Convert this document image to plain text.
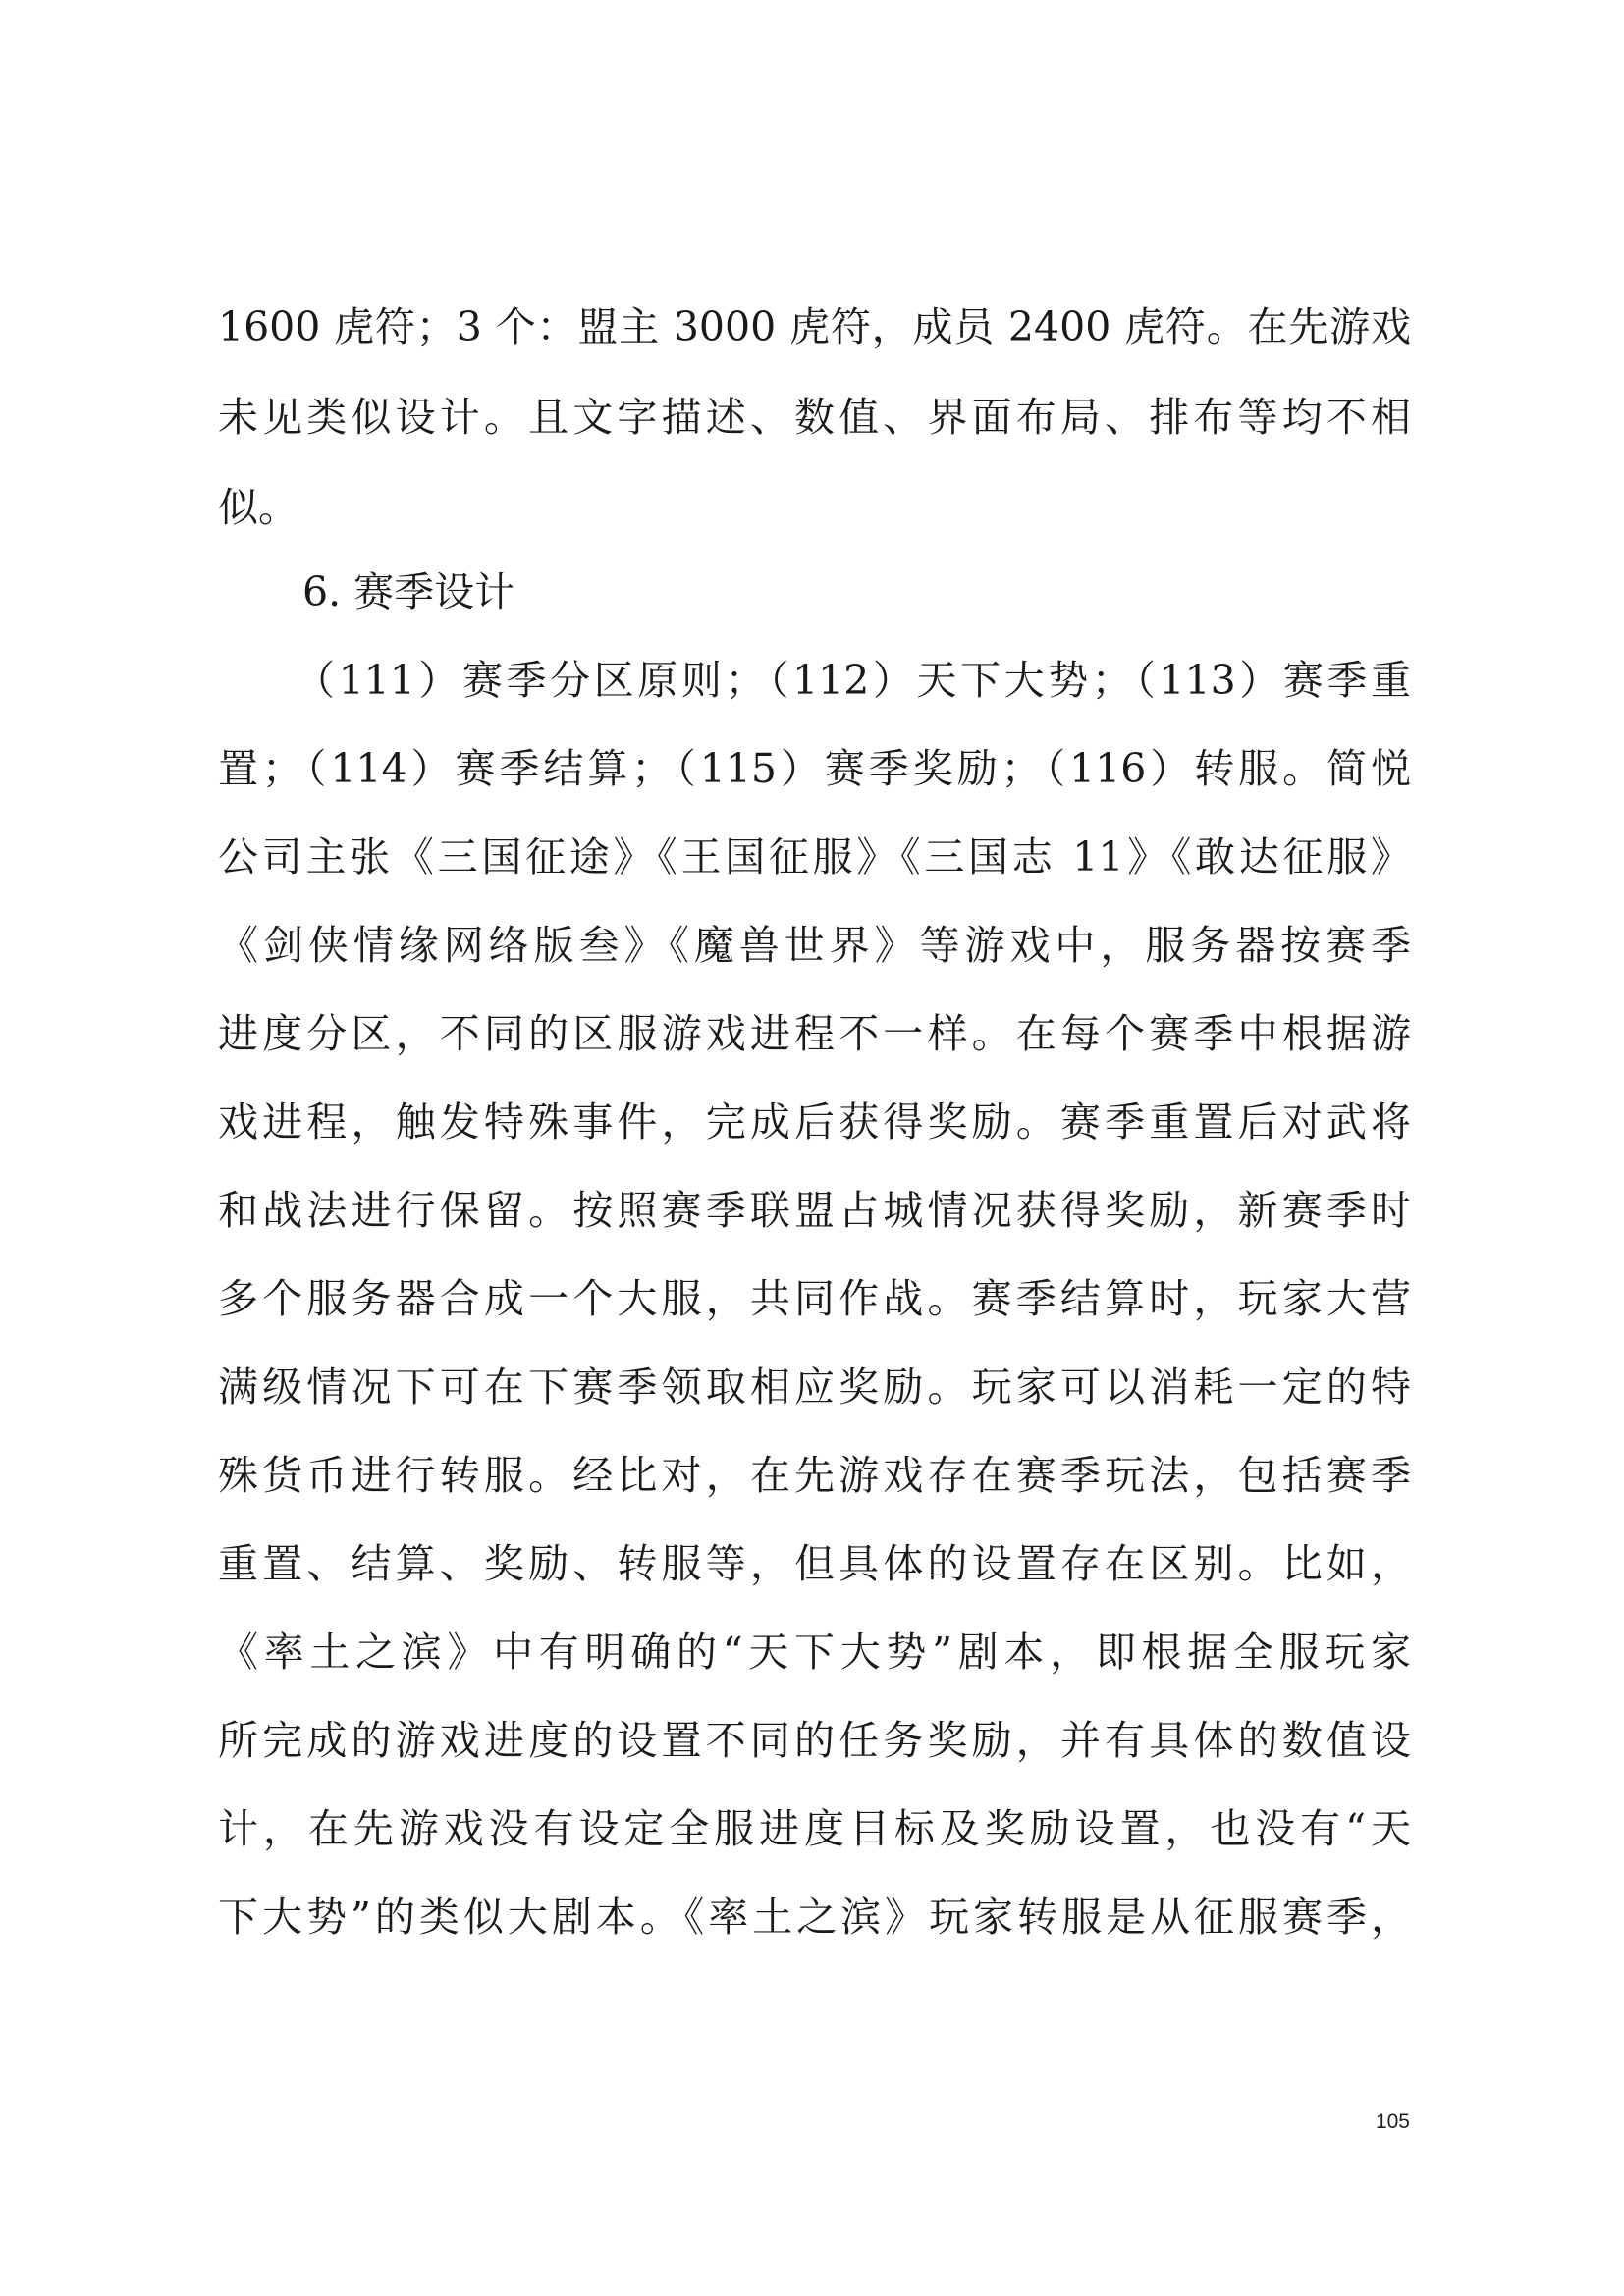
1600 虎符；3 个：盟主 3000 虎符，成员 2400 虎符。在先游戏
未见类似设计。且文字描述、数值、界面布局、排布等均不相
似。
6. 赛季设计
（111）赛季分区原则；（112）天下大势；（113）赛季重
置；（114）赛季结算；（115）赛季奖励；（116）转服。简悦
公司主张《三国征途》《王国征服》《三国志 11》《敢达征服》
《剑侠情缘网络版叁》《魔兽世界》等游戏中，服务器按赛季
进度分区，不同的区服游戏进程不一样。在每个赛季中根据游
戏进程，触发特殊事件，完成后获得奖励。赛季重置后对武将
和战法进行保留。按照赛季联盟占城情况获得奖励，新赛季时
多个服务器合成一个大服，共同作战。赛季结算时，玩家大营
满级情况下可在下赛季领取相应奖励。玩家可以消耗一定的特
殊货币进行转服。经比对，在先游戏存在赛季玩法，包括赛季
重置、结算、奖励、转服等，但具体的设置存在区别。比如，
《率土之滨》中有明确的“天下大势”剧本，即根据全服玩家
所完成的游戏进度的设置不同的任务奖励，并有具体的数值设
计，在先游戏没有设定全服进度目标及奖励设置，也没有“天
下大势”的类似大剧本。《率土之滨》玩家转服是从征服赛季，
105
